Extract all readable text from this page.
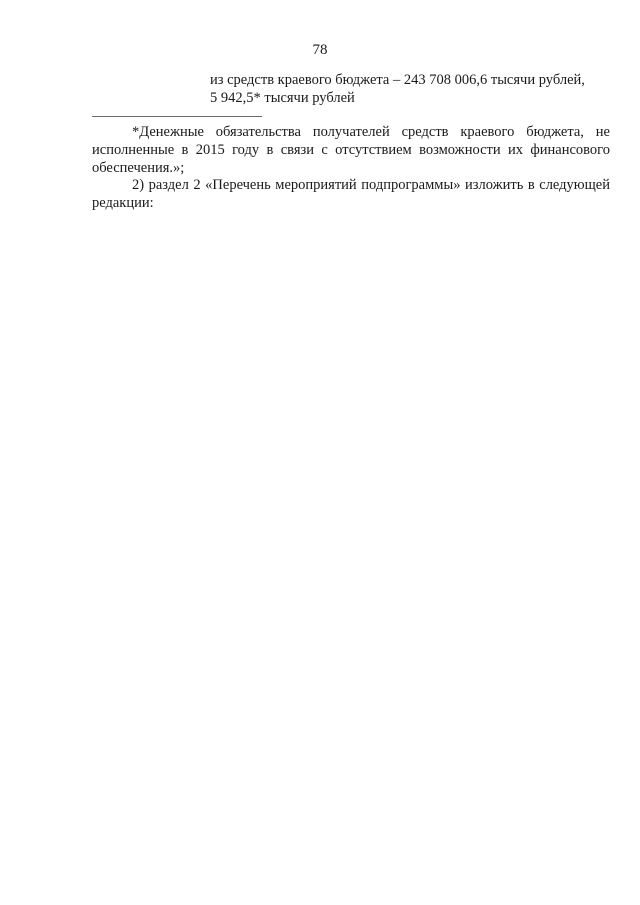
78
из средств краевого бюджета – 243 708 006,6 тысячи рублей,
5 942,5* тысячи рублей
*Денежные обязательства получателей средств краевого бюджета, не исполненные в 2015 году в связи с отсутствием возможности их финансового обеспечения.»;
2) раздел 2 «Перечень мероприятий подпрограммы» изложить в следующей редакции:
